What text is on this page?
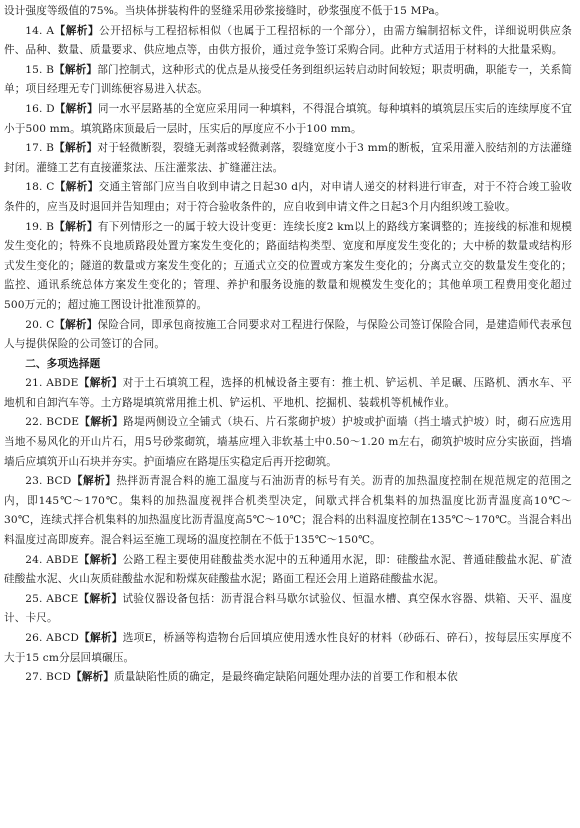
设计强度等级值的75%。当块体拼装构件的竖缝采用砂浆接缝时，砂浆强度不低于15 MPa。

14. A【解析】公开招标与工程招标相似（也属于工程招标的一个部分），由需方编制招标文件，详细说明供应条件、品种、数量、质量要求、供应地点等，由供方报价，通过竞争签订采购合同。此种方式适用于材料的大批量采购。

15. B【解析】部门控制式，这种形式的优点是从接受任务到组织运转启动时间较短；职责明确，职能专一，关系简单；项目经理无专门训练便容易进入状态。

16. D【解析】同一水平层路基的全宽应采用同一种填料，不得混合填筑。每种填料的填筑层压实后的连续厚度不宜小于500 mm。填筑路床顶最后一层时，压实后的厚度应不小于100 mm。

17. B【解析】对于轻微断裂，裂缝无剥落或轻微剥落，裂缝宽度小于3 mm的断板，宜采用灌入胶结剂的方法灌缝封闭。灌缝工艺有直接灌浆法、压注灌浆法、扩缝灌注法。

18. C【解析】交通主管部门应当自收到申请之日起30 d内，对申请人递交的材料进行审查，对于不符合竣工验收条件的，应当及时退回并告知理由；对于符合验收条件的，应自收到申请文件之日起3个月内组织竣工验收。

19. B【解析】有下列情形之一的属于较大设计变更：连续长度2 km以上的路线方案调整的；连接线的标准和规模发生变化的；特殊不良地质路段处置方案发生变化的；路面结构类型、宽度和厚度发生变化的；大中桥的数量或结构形式发生变化的；隧道的数量或方案发生变化的；互通式立交的位置或方案发生变化的；分离式立交的数量发生变化的；监控、通讯系统总体方案发生变化的；管理、养护和服务设施的数量和规模发生变化的；其他单项工程费用变化超过500万元的；超过施工图设计批准预算的。

20. C【解析】保险合同，即承包商按施工合同要求对工程进行保险，与保险公司签订保险合同，是建造师代表承包人与提供保险的公司签订的合同。

二、多项选择题

21. ABDE【解析】对于土石填筑工程，选择的机械设备主要有：推土机、铲运机、羊足碾、压路机、洒水车、平地机和自卸汽车等。土方路堤填筑常用推土机、铲运机、平地机、挖掘机、装载机等机械作业。

22. BCDE【解析】路堤两侧设立全铺式（块石、片石浆砌护坡）护坡或护面墙（挡土墙式护坡）时，砌石应选用当地不易风化的开山片石，用5号砂浆砌筑，墙基应埋入非软基土中0.50～1.20 m左右，砌筑护坡时应分实嵌面，挡墙墙后应填筑开山石块并夯实。护面墙应在路堤压实稳定后再开挖砌筑。

23. BCD【解析】热拌沥青混合料的施工温度与石油沥青的标号有关。沥青的加热温度控制在规范规定的范围之内，即145℃～170℃。集料的加热温度视拌合机类型决定，间歇式拌合机集料的加热温度比沥青温度高10℃～30℃，连续式拌合机集料的加热温度比沥青温度高5℃～10℃；混合料的出料温度控制在135℃～170℃。当混合料出料温度过高即废弃。混合料运至施工现场的温度控制在不低于135℃～150℃。

24. ABDE【解析】公路工程主要使用硅酸盐类水泥中的五种通用水泥，即：硅酸盐水泥、普通硅酸盐水泥、矿渣硅酸盐水泥、火山灰质硅酸盐水泥和粉煤灰硅酸盐水泥；路面工程还会用上道路硅酸盐水泥。

25. ABCE【解析】试验仪器设备包括：沥青混合料马歇尔试验仪、恒温水槽、真空保水容器、烘箱、天平、温度计、卡尺。

26. ABCD【解析】选项E，桥涵等构造物台后回填应使用透水性良好的材料（砂砾石、碎石），按每层压实厚度不大于15 cm分层回填碾压。

27. BCD【解析】质量缺陷性质的确定，是最终确定缺陷问题处理办法的首要工作和根本依
